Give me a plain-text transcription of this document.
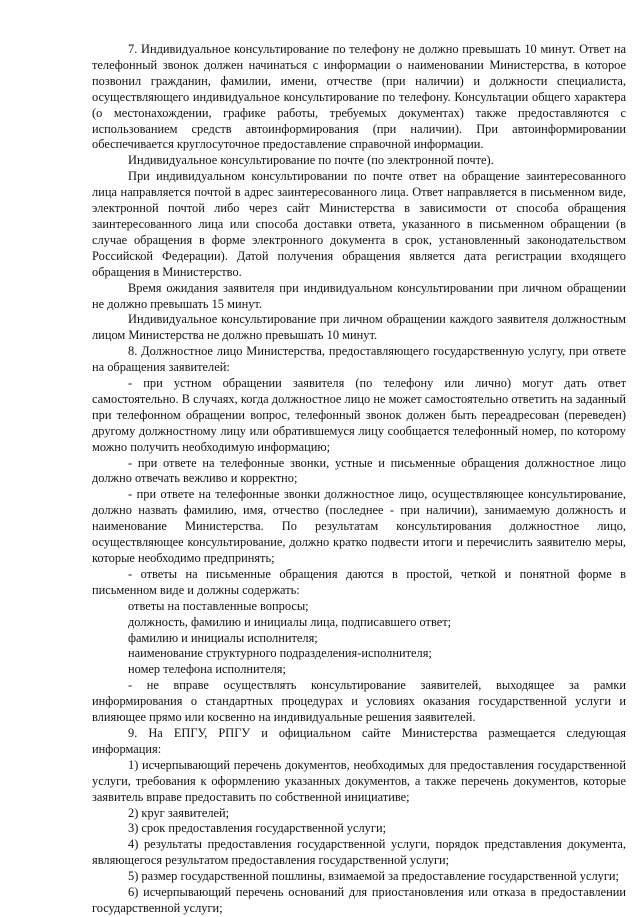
7. Индивидуальное консультирование по телефону не должно превышать 10 минут. Ответ на телефонный звонок должен начинаться с информации о наименовании Министерства, в которое позвонил гражданин, фамилии, имени, отчестве (при наличии) и должности специалиста, осуществляющего индивидуальное консультирование по телефону. Консультации общего характера (о местонахождении, графике работы, требуемых документах) также предоставляются с использованием средств автоинформирования (при наличии). При автоинформировании обеспечивается круглосуточное предоставление справочной информации.

Индивидуальное консультирование по почте (по электронной почте).

При индивидуальном консультировании по почте ответ на обращение заинтересованного лица направляется почтой в адрес заинтересованного лица. Ответ направляется в письменном виде, электронной почтой либо через сайт Министерства в зависимости от способа обращения заинтересованного лица или способа доставки ответа, указанного в письменном обращении (в случае обращения в форме электронного документа в срок, установленный законодательством Российской Федерации). Датой получения обращения является дата регистрации входящего обращения в Министерство.

Время ожидания заявителя при индивидуальном консультировании при личном обращении не должно превышать 15 минут.

Индивидуальное консультирование при личном обращении каждого заявителя должностным лицом Министерства не должно превышать 10 минут.

8. Должностное лицо Министерства, предоставляющего государственную услугу, при ответе на обращения заявителей:

- при устном обращении заявителя (по телефону или лично) могут дать ответ самостоятельно. В случаях, когда должностное лицо не может самостоятельно ответить на заданный при телефонном обращении вопрос, телефонный звонок должен быть переадресован (переведен) другому должностному лицу или обратившемуся лицу сообщается телефонный номер, по которому можно получить необходимую информацию;

- при ответе на телефонные звонки, устные и письменные обращения должностное лицо должно отвечать вежливо и корректно;

- при ответе на телефонные звонки должностное лицо, осуществляющее консультирование, должно назвать фамилию, имя, отчество (последнее - при наличии), занимаемую должность и наименование Министерства. По результатам консультирования должностное лицо, осуществляющее консультирование, должно кратко подвести итоги и перечислить заявителю меры, которые необходимо предпринять;

- ответы на письменные обращения даются в простой, четкой и понятной форме в письменном виде и должны содержать:

ответы на поставленные вопросы;

должность, фамилию и инициалы лица, подписавшего ответ;

фамилию и инициалы исполнителя;

наименование структурного подразделения-исполнителя;

номер телефона исполнителя;

- не вправе осуществлять консультирование заявителей, выходящее за рамки информирования о стандартных процедурах и условиях оказания государственной услуги и влияющее прямо или косвенно на индивидуальные решения заявителей.

9. На ЕПГУ, РПГУ и официальном сайте Министерства размещается следующая информация:

1) исчерпывающий перечень документов, необходимых для предоставления государственной услуги, требования к оформлению указанных документов, а также перечень документов, которые заявитель вправе предоставить по собственной инициативе;

2) круг заявителей;

3) срок предоставления государственной услуги;

4) результаты предоставления государственной услуги, порядок представления документа, являющегося результатом предоставления государственной услуги;

5) размер государственной пошлины, взимаемой за предоставление государственной услуги;

6) исчерпывающий перечень оснований для приостановления или отказа в предоставлении государственной услуги;
